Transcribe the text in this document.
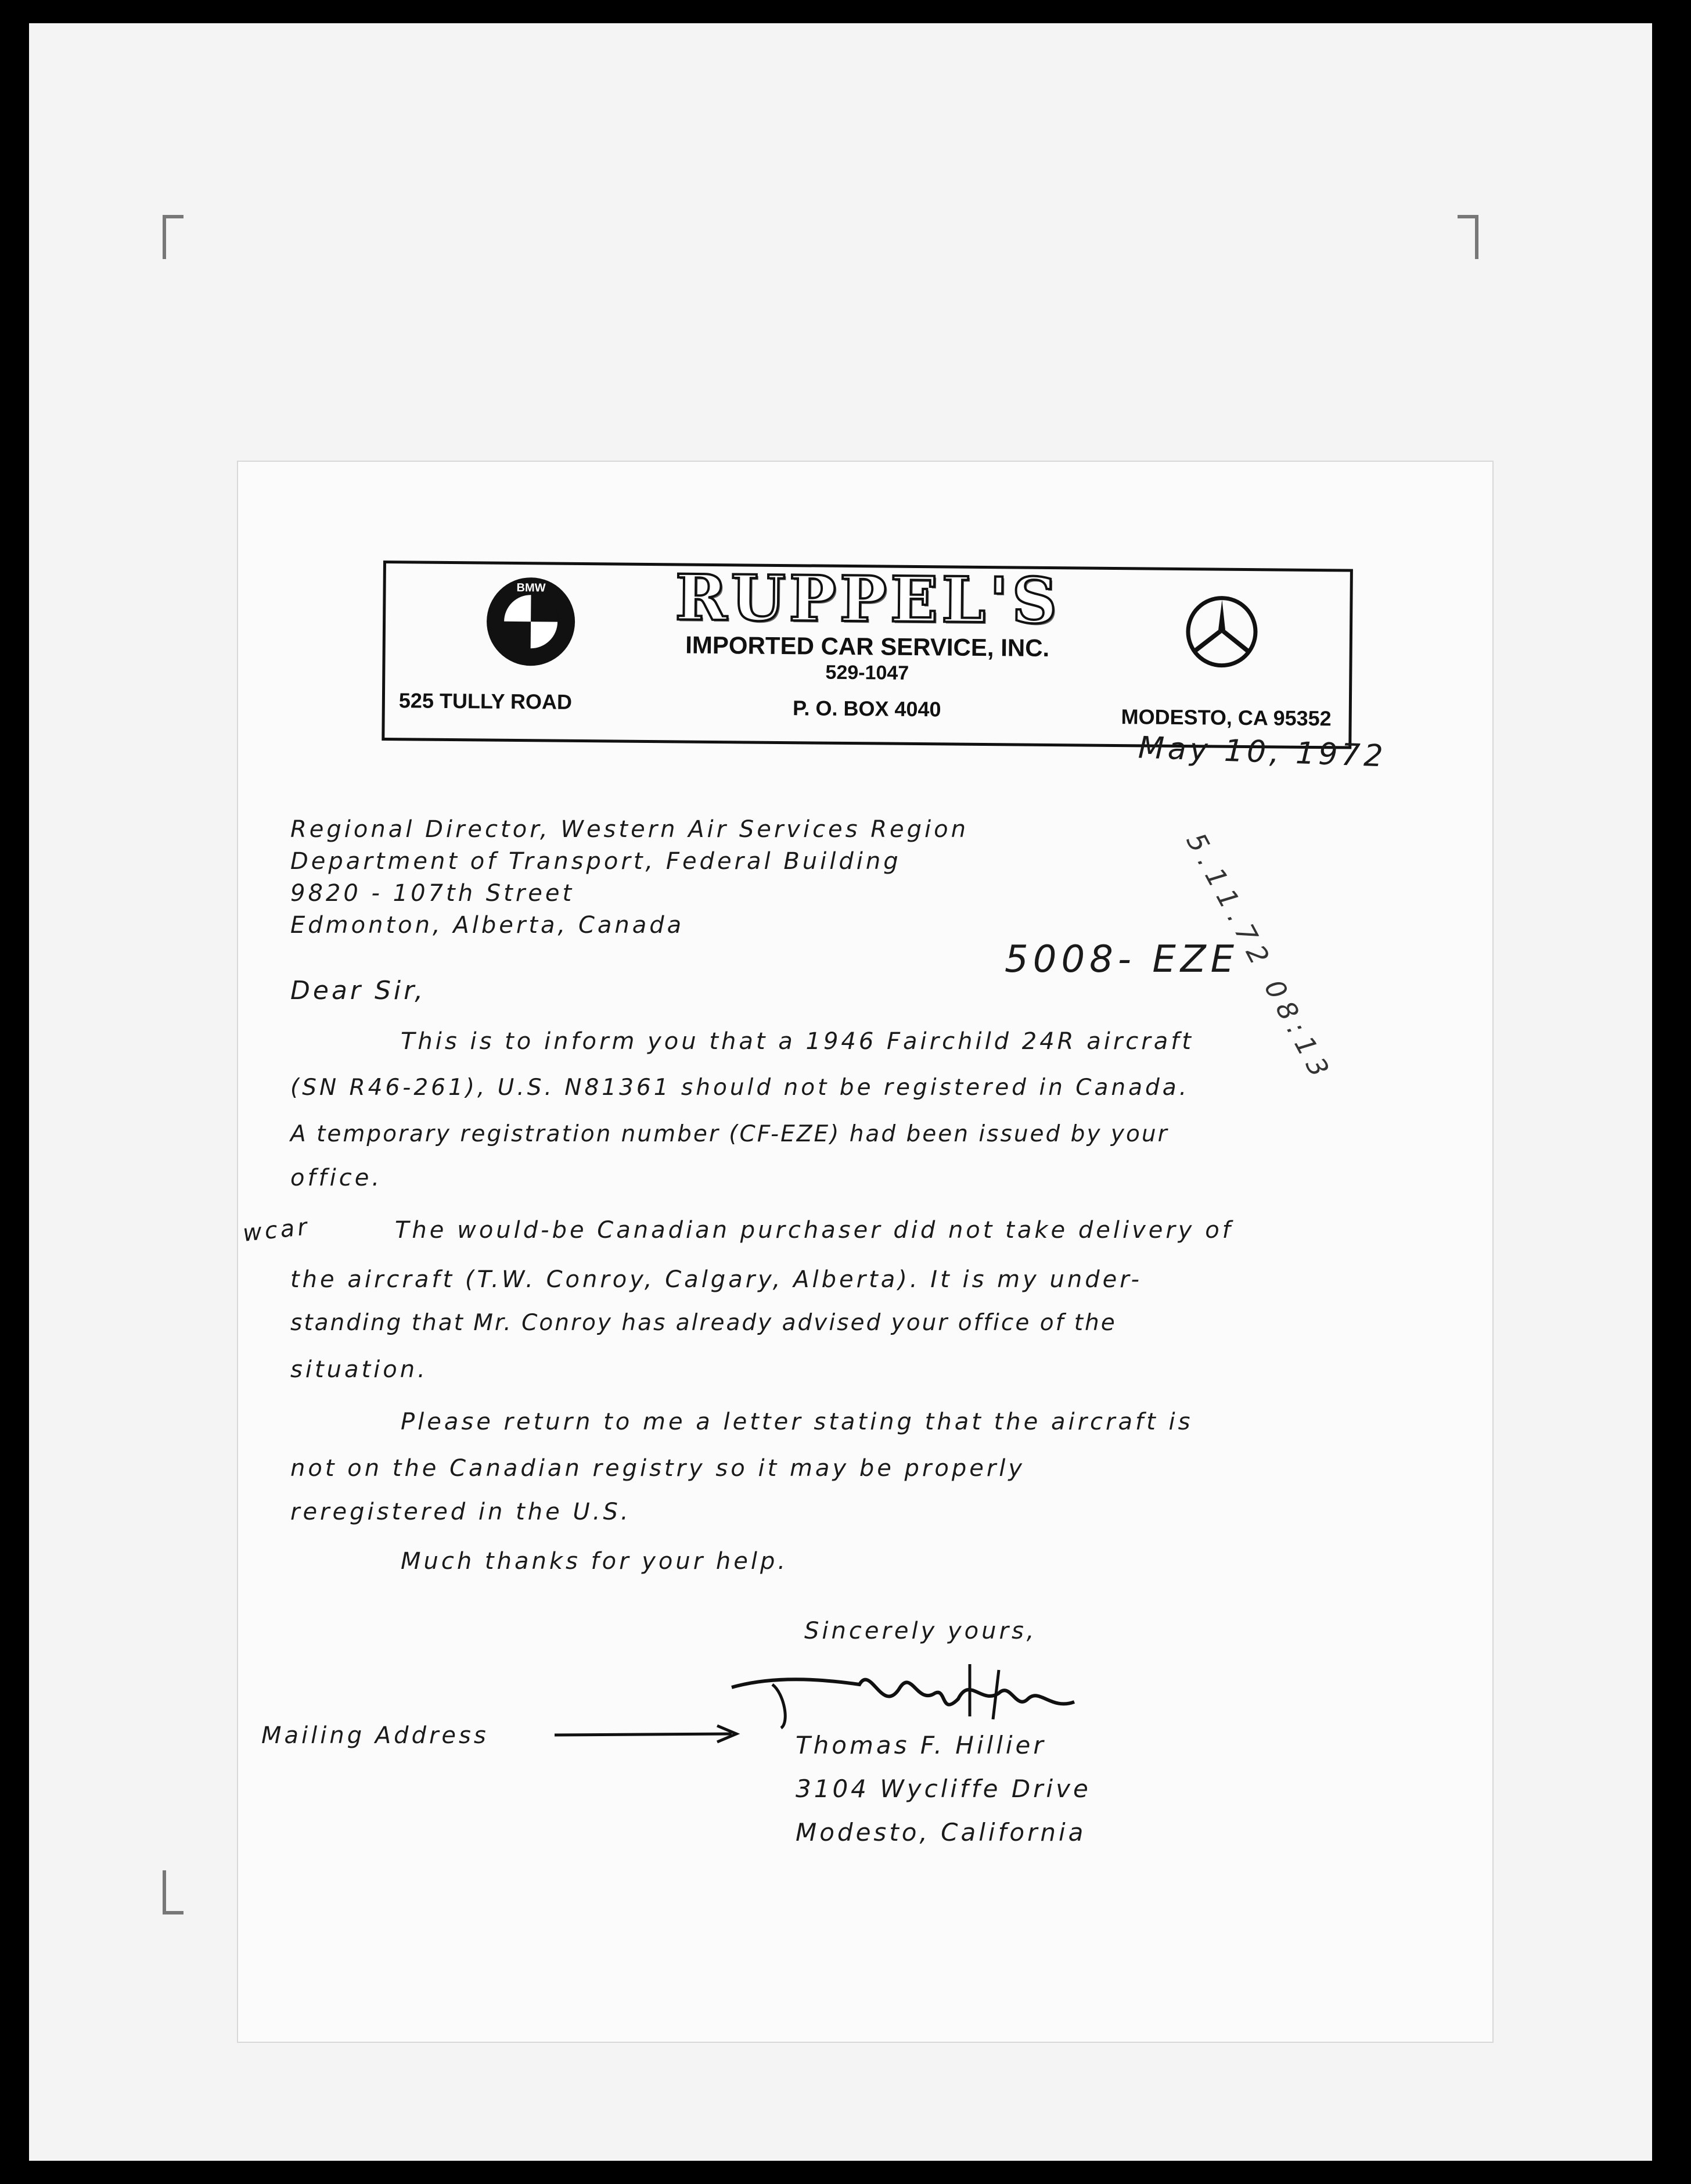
BMW	RUPPEL'S
IMPORTED CAR SERVICE, INC.
529-1047
525 TULLY ROAD	P. O. BOX 4040	MODESTO, CA 95352
May 10, 1972
5008- EZE
5.11.72 08:13
Regional Director, Western Air Services Region
Department of Transport, Federal Building
9820 - 107th Street
Edmonton, Alberta, Canada
Dear Sir,
This is to inform you that a 1946 Fairchild 24R aircraft
(SN R46-261), U.S. N81361 should not be registered in Canada.
A temporary registration number (CF-EZE) had been issued by your
office.
wcar	The would-be Canadian purchaser did not take delivery of
the aircraft (T.W. Conroy, Calgary, Alberta). It is my under-
standing that Mr. Conroy has already advised your office of the
situation.
Please return to me a letter stating that the aircraft is
not on the Canadian registry so it may be properly
reregistered in the U.S.
Much thanks for your help.
Sincerely yours,
Mailing Address	Thomas F. Hillier
3104 Wycliffe Drive
Modesto, California
